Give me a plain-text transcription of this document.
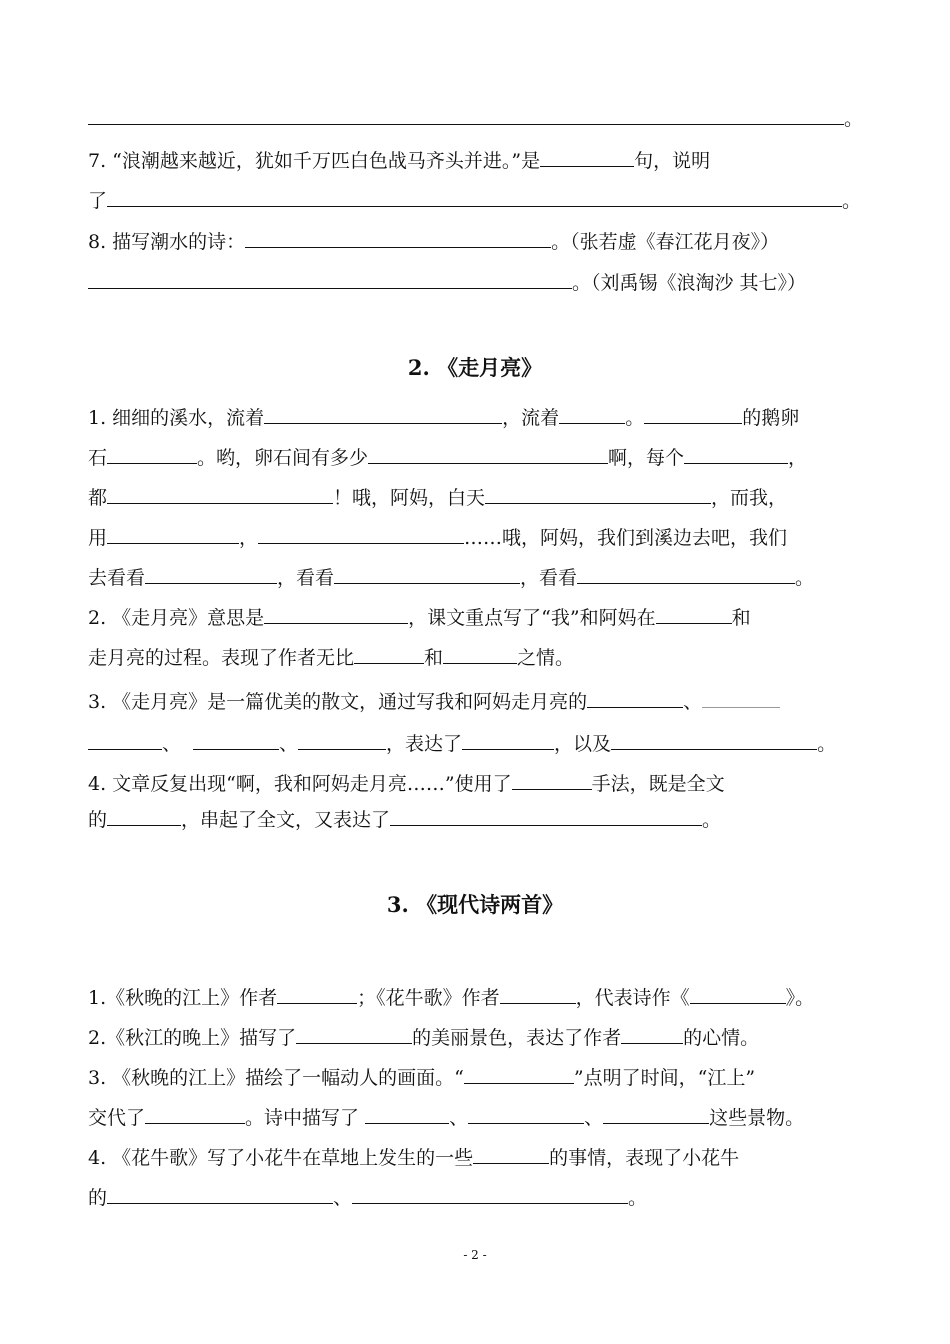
。
7. “浪潮越来越近，犹如千万匹白色战马齐头并进。”是	句，说明
了	。
8. 描写潮水的诗：	。（张若虚《春江花月夜》）
。（刘禹锡《浪淘沙 其七》）
2. 《走月亮》
1. 细细的溪水，流着	，流着	。	的鹅卵
石	。哟，卵石间有多少	啊，每个	，
都	！哦，阿妈，白天	，而我，
用	，	……哦，阿妈，我们到溪边去吧，我们
去看看	，看看	，看看	。
2. 《走月亮》意思是	，课文重点写了“我”和阿妈在	和
走月亮的过程。表现了作者无比	和	之情。
3. 《走月亮》是一篇优美的散文，通过写我和阿妈走月亮的	、
、	、	，表达了	，以及	。
4. 文章反复出现“啊，我和阿妈走月亮……”使用了	手法，既是全文
的	，串起了全文，又表达了	。
3. 《现代诗两首》
1.《秋晚的江上》作者	；《花牛歌》作者	，代表诗作《	》。
2.《秋江的晚上》描写了	的美丽景色，表达了作者	的心情。
3. 《秋晚的江上》描绘了一幅动人的画面。“	”点明了时间，“江上”
交代了	。诗中描写了	、	、	这些景物。
4. 《花牛歌》写了小花牛在草地上发生的一些	的事情，表现了小花牛
的	、	。
- 2 -
